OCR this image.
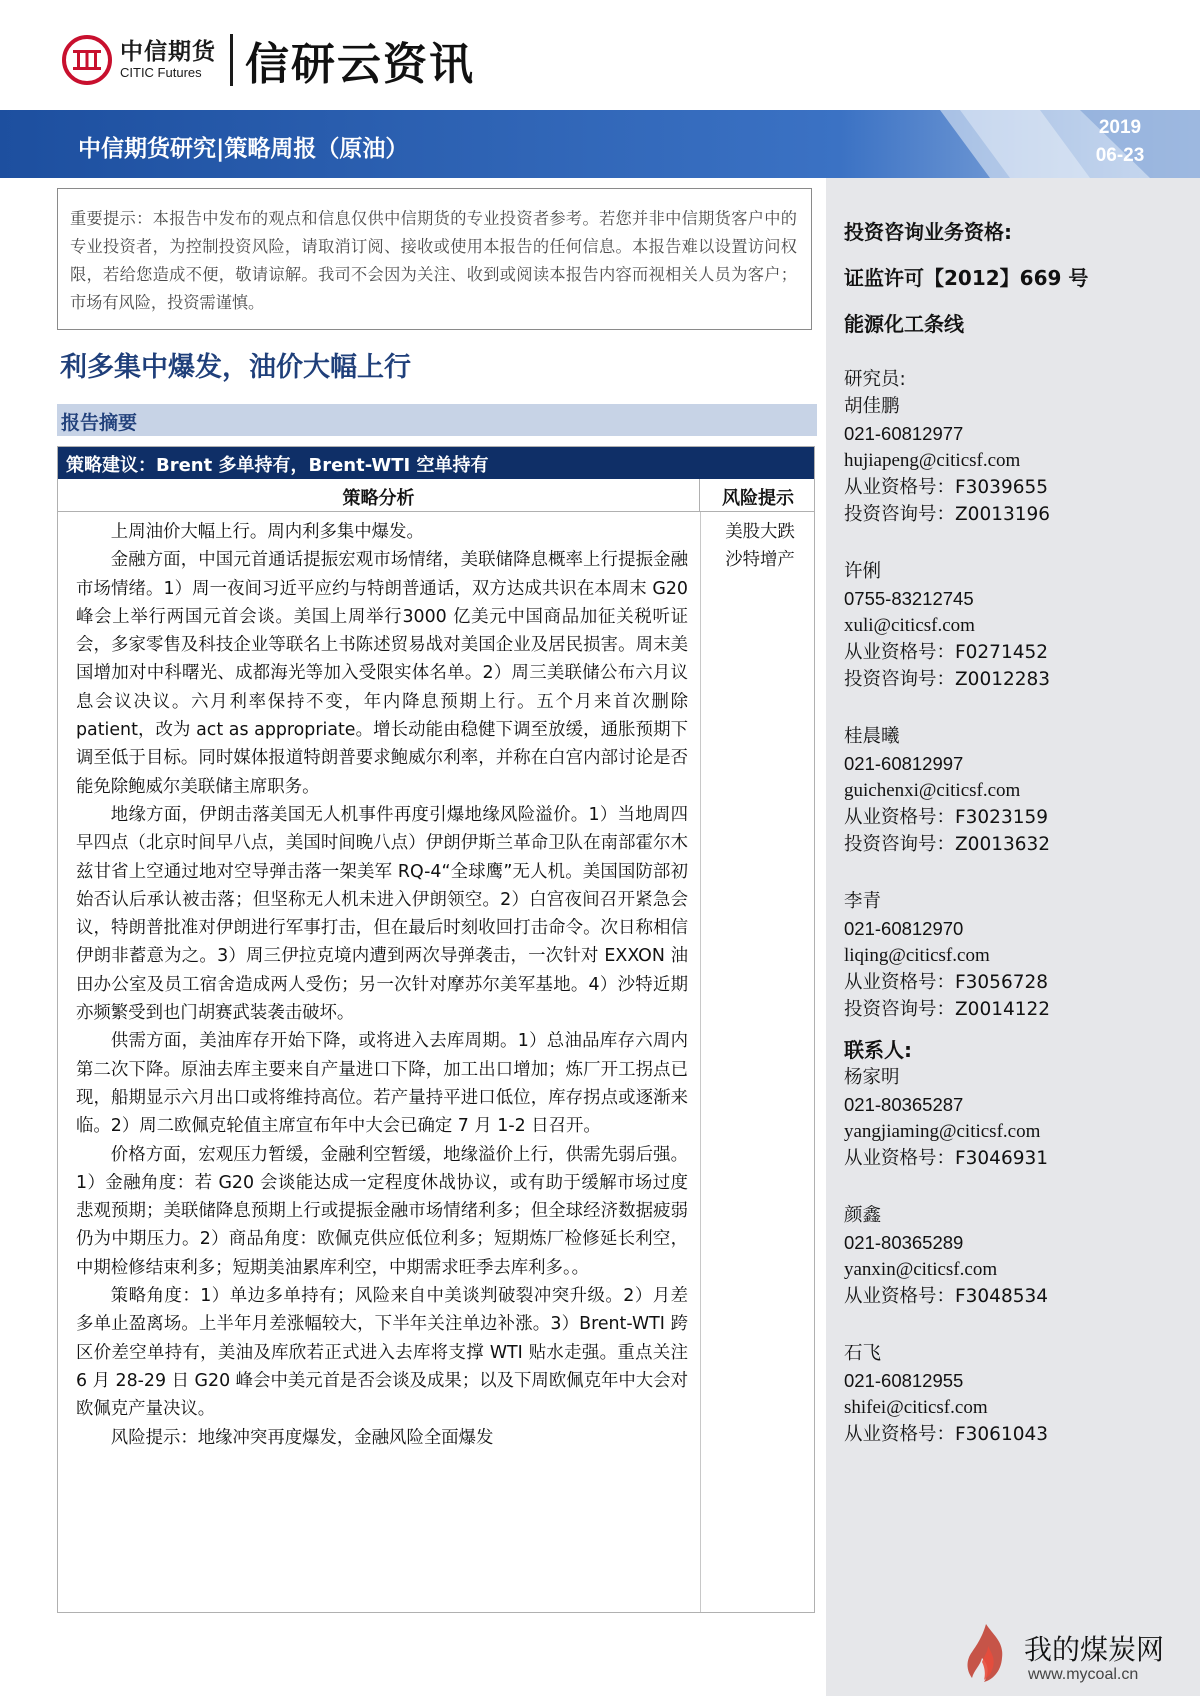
中信期货
CITIC Futures 信研云资讯
中信期货研究|策略周报（原油）
2019
06-23
重要提示：本报告中发布的观点和信息仅供中信期货的专业投资者参考。若您并非中信期货客户中的专业投资者，为控制投资风险，请取消订阅、接收或使用本报告的任何信息。本报告难以设置访问权限，若给您造成不便，敬请谅解。我司不会因为关注、收到或阅读本报告内容而视相关人员为客户；市场有风险，投资需谨慎。
利多集中爆发，油价大幅上行
报告摘要
策略建议：Brent 多单持有，Brent-WTI 空单持有
策略分析	风险提示

上周油价大幅上行。周内利多集中爆发。

金融方面，中国元首通话提振宏观市场情绪，美联储降息概率上行提振金融市场情绪。1）周一夜间习近平应约与特朗普通话，双方达成共识在本周末 G20 峰会上举行两国元首会谈。美国上周举行3000 亿美元中国商品加征关税听证会，多家零售及科技企业等联名上书陈述贸易战对美国企业及居民损害。周末美国增加对中科曙光、成都海光等加入受限实体名单。2）周三美联储公布六月议息会议决议。六月利率保持不变，年内降息预期上行。五个月来首次删除 patient，改为 act as appropriate。增长动能由稳健下调至放缓，通胀预期下调至低于目标。同时媒体报道特朗普要求鲍威尔利率，并称在白宫内部讨论是否能免除鲍威尔美联储主席职务。

地缘方面，伊朗击落美国无人机事件再度引爆地缘风险溢价。1）当地周四早四点（北京时间早八点，美国时间晚八点）伊朗伊斯兰革命卫队在南部霍尔木兹甘省上空通过地对空导弹击落一架美军 RQ-4“全球鹰”无人机。美国国防部初始否认后承认被击落；但坚称无人机未进入伊朗领空。2）白宫夜间召开紧急会议，特朗普批准对伊朗进行军事打击，但在最后时刻收回打击命令。次日称相信伊朗非蓄意为之。3）周三伊拉克境内遭到两次导弹袭击，一次针对 EXXON 油田办公室及员工宿舍造成两人受伤；另一次针对摩苏尔美军基地。4）沙特近期亦频繁受到也门胡赛武装袭击破坏。

供需方面，美油库存开始下降，或将进入去库周期。1）总油品库存六周内第二次下降。原油去库主要来自产量进口下降，加工出口增加；炼厂开工拐点已现，船期显示六月出口或将维持高位。若产量持平进口低位，库存拐点或逐渐来临。2）周二欧佩克轮值主席宣布年中大会已确定 7 月 1-2 日召开。

价格方面，宏观压力暂缓，金融利空暂缓，地缘溢价上行，供需先弱后强。1）金融角度：若 G20 会谈能达成一定程度休战协议，或有助于缓解市场过度悲观预期；美联储降息预期上行或提振金融市场情绪利多；但全球经济数据疲弱仍为中期压力。2）商品角度：欧佩克供应低位利多；短期炼厂检修延长利空，中期检修结束利多；短期美油累库利空，中期需求旺季去库利多。。

策略角度：1）单边多单持有；风险来自中美谈判破裂冲突升级。2）月差多单止盈离场。上半年月差涨幅较大，下半年关注单边补涨。3）Brent-WTI 跨区价差空单持有，美油及库欣若正式进入去库将支撑 WTI 贴水走强。重点关注 6 月 28-29 日 G20 峰会中美元首是否会谈及成果；以及下周欧佩克年中大会对欧佩克产量决议。

风险提示：地缘冲突再度爆发，金融风险全面爆发

美股大跌
沙特增产
投资咨询业务资格:
证监许可【2012】669 号
能源化工条线
研究员:
胡佳鹏
021-60812977
hujiapeng@citicsf.com
从业资格号：F3039655
投资咨询号：Z0013196
许俐
0755-83212745
xuli@citicsf.com
从业资格号：F0271452
投资咨询号：Z0012283
桂晨曦
021-60812997
guichenxi@citicsf.com
从业资格号：F3023159
投资咨询号：Z0013632
李青
021-60812970
liqing@citicsf.com
从业资格号：F3056728
投资咨询号：Z0014122
联系人:
杨家明
021-80365287
yangjiaming@citicsf.com
从业资格号：F3046931
颜鑫
021-80365289
yanxin@citicsf.com
从业资格号：F3048534
石飞
021-60812955
shifei@citicsf.com
从业资格号：F3061043
我的煤炭网
www.mycoal.cn
